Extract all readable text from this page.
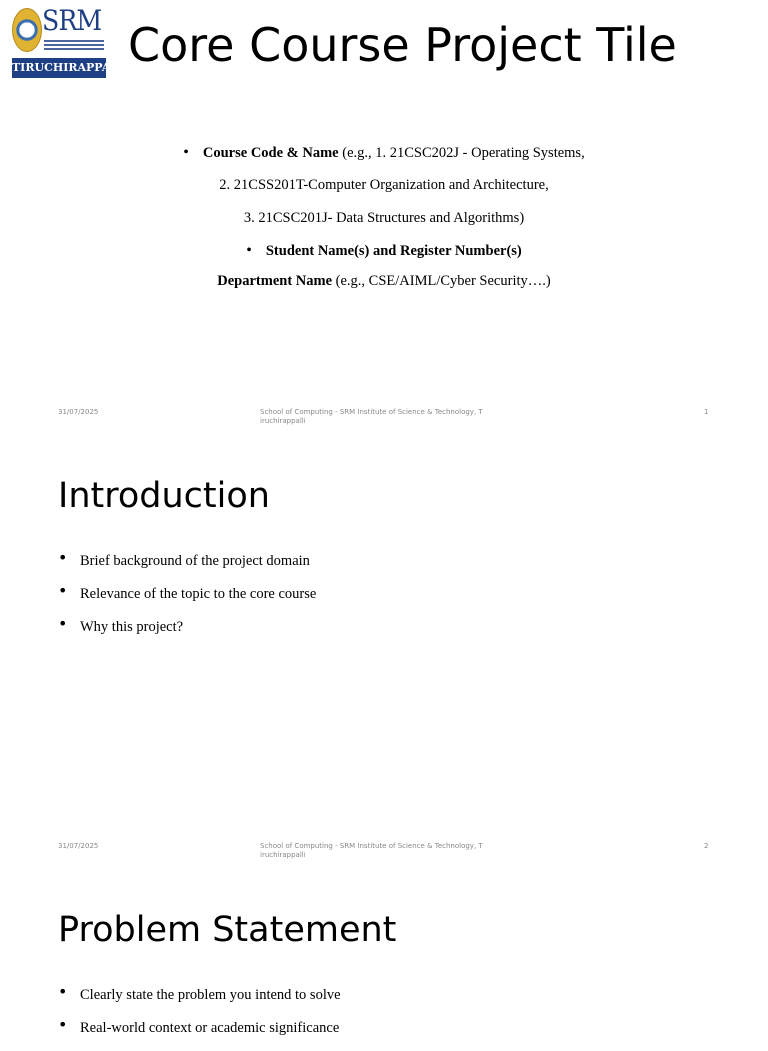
SRM
TIRUCHIRAPPALLI
Core Course Project Tile
• Course Code & Name (e.g., 1. 21CSC202J - Operating Systems,
2. 21CSS201T-Computer Organization and Architecture,
3. 21CSC201J- Data Structures and Algorithms)
• Student Name(s) and Register Number(s)
Department Name (e.g., CSE/AIML/Cyber Security….)
31/07/2025	School of Computing - SRM Institute of Science & Technology, T
iruchirappalli
1
Introduction
• Brief background of the project domain
• Relevance of the topic to the core course
• Why this project?
31/07/2025	School of Computing - SRM Institute of Science & Technology, T
iruchirappalli
2
Problem Statement
• Clearly state the problem you intend to solve
• Real-world context or academic significance
